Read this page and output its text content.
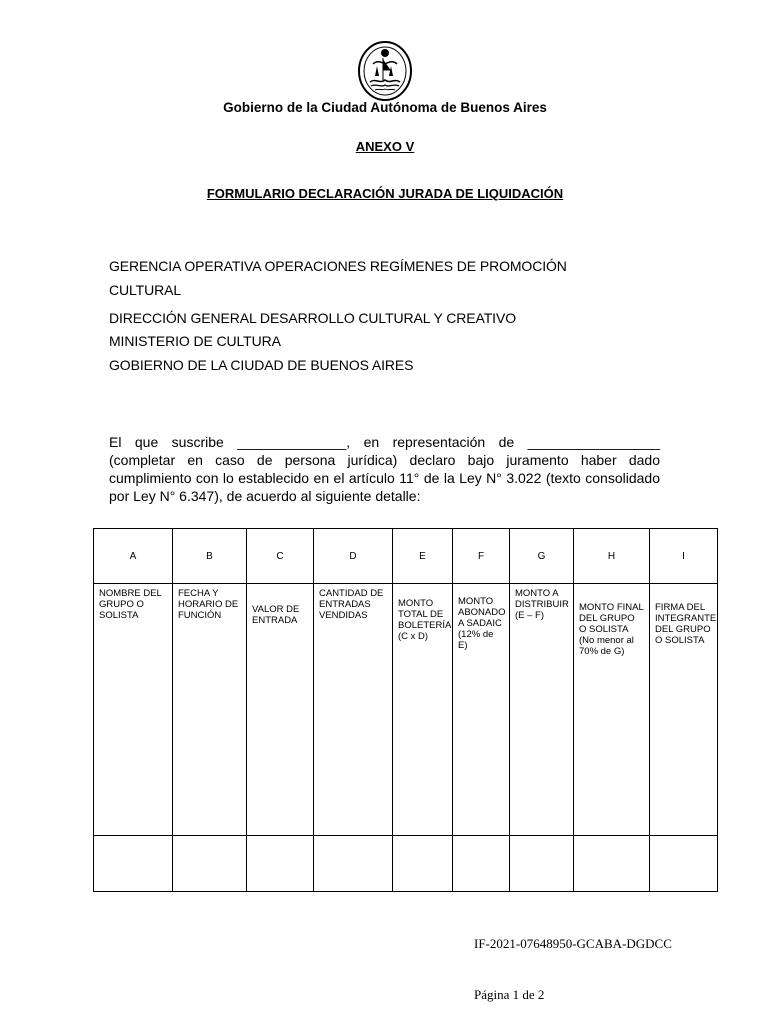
Gobierno de la Ciudad Autónoma de Buenos Aires
ANEXO V
FORMULARIO DECLARACIÓN JURADA DE LIQUIDACIÓN
GERENCIA OPERATIVA OPERACIONES REGÍMENES DE PROMOCIÓN
CULTURAL
DIRECCIÓN GENERAL DESARROLLO CULTURAL Y CREATIVO
MINISTERIO DE CULTURA
GOBIERNO DE LA CIUDAD DE BUENOS AIRES
El que suscribe ______________, en representación de _________________ (completar en caso de persona jurídica) declaro bajo juramento haber dado cumplimiento con lo establecido en el artículo 11° de la Ley N° 3.022 (texto consolidado por Ley N° 6.347), de acuerdo al siguiente detalle:
A	B	C	D	E	F	G	H	I
NOMBRE DEL GRUPO O SOLISTA	FECHA Y HORARIO DE FUNCIÓN	VALOR DE ENTRADA	CANTIDAD DE ENTRADAS VENDIDAS	MONTO TOTAL DE BOLETERÍA (C x D)	MONTO ABONADO A SADAIC (12% de E)	MONTO A DISTRIBUIR (E – F)	MONTO FINAL DEL GRUPO O SOLISTA (No menor al 70% de G)	FIRMA DEL INTEGRANTE DEL GRUPO O SOLISTA

IF-2021-07648950-GCABA-DGDCC
Página 1 de 2
